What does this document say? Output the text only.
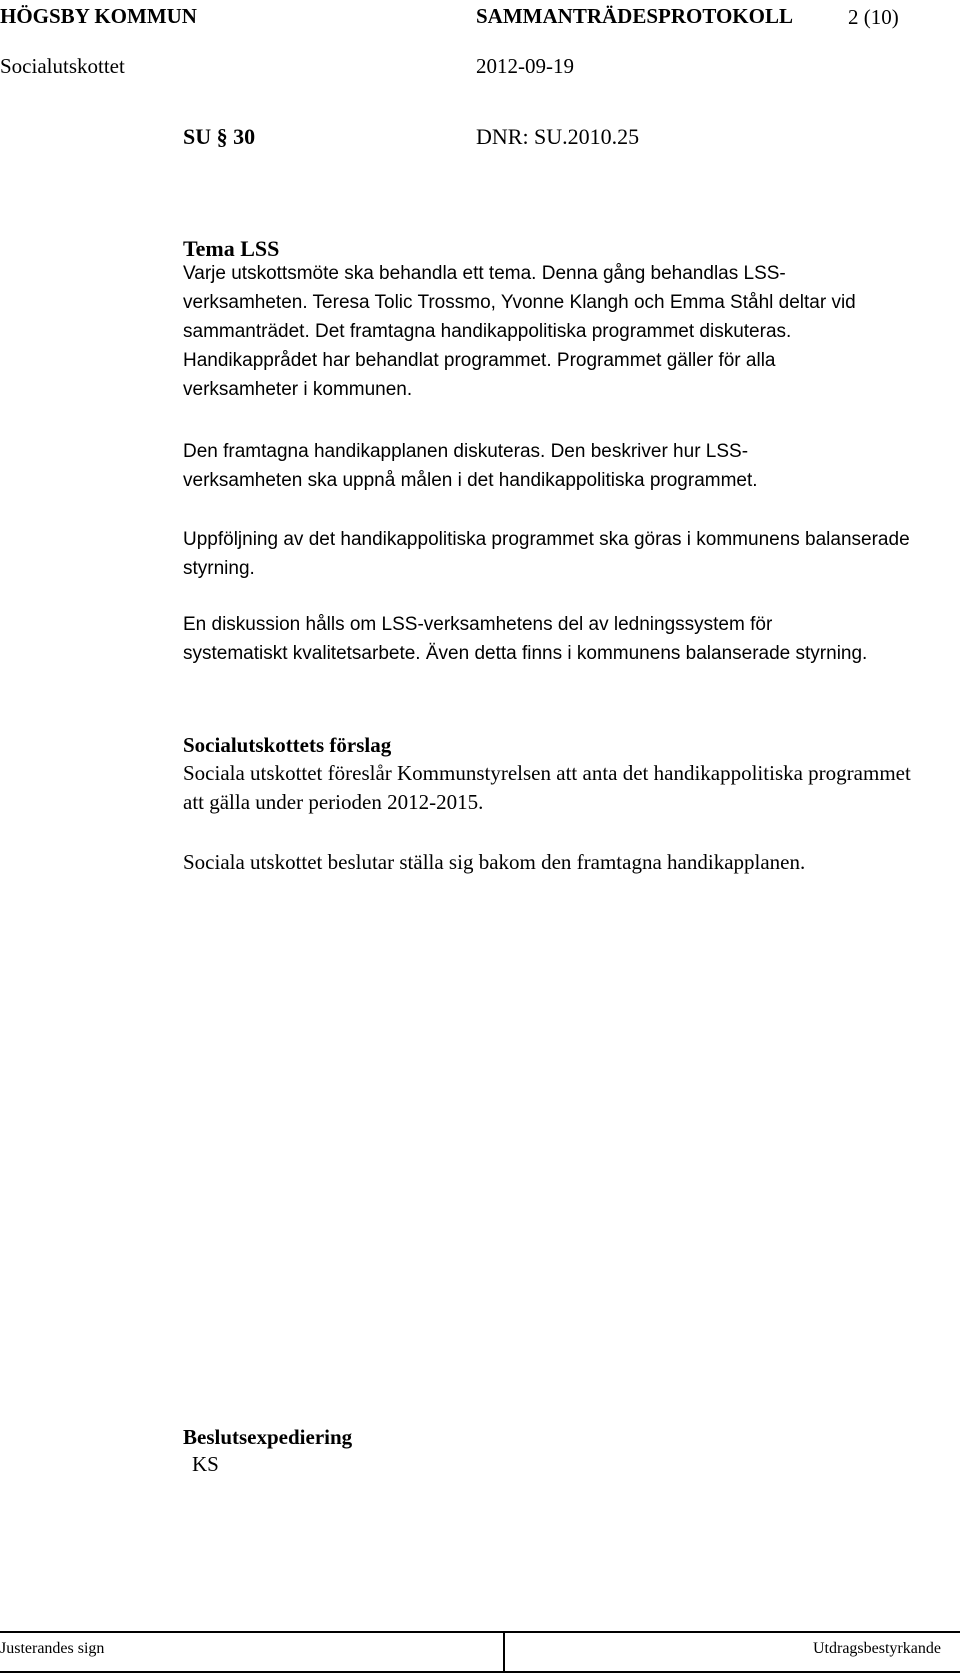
HÖGSBY KOMMUN	SAMMANTRÄDESPROTOKOLL	2 (10)
Socialutskottet	2012-09-19
SU § 30	DNR: SU.2010.25
Tema LSS
Varje utskottsmöte ska behandla ett tema. Denna gång behandlas LSS-verksamheten. Teresa Tolic Trossmo, Yvonne Klangh och Emma Ståhl deltar vid sammanträdet. Det framtagna handikappolitiska programmet diskuteras. Handikapprådet har behandlat programmet. Programmet gäller för alla verksamheter i kommunen.
Den framtagna handikapplanen diskuteras. Den beskriver hur LSS-verksamheten ska uppnå målen i det handikappolitiska programmet.
Uppföljning av det handikappolitiska programmet ska göras i kommunens balanserade styrning.
En diskussion hålls om LSS-verksamhetens del av ledningssystem för systematiskt kvalitetsarbete. Även detta finns i kommunens balanserade styrning.
Socialutskottets förslag
Sociala utskottet föreslår Kommunstyrelsen att anta det handikappolitiska programmet att gälla under perioden 2012-2015.
Sociala utskottet beslutar ställa sig bakom den framtagna handikapplanen.
Beslutsexpediering
KS
Justerandes sign	Utdragsbestyrkande
